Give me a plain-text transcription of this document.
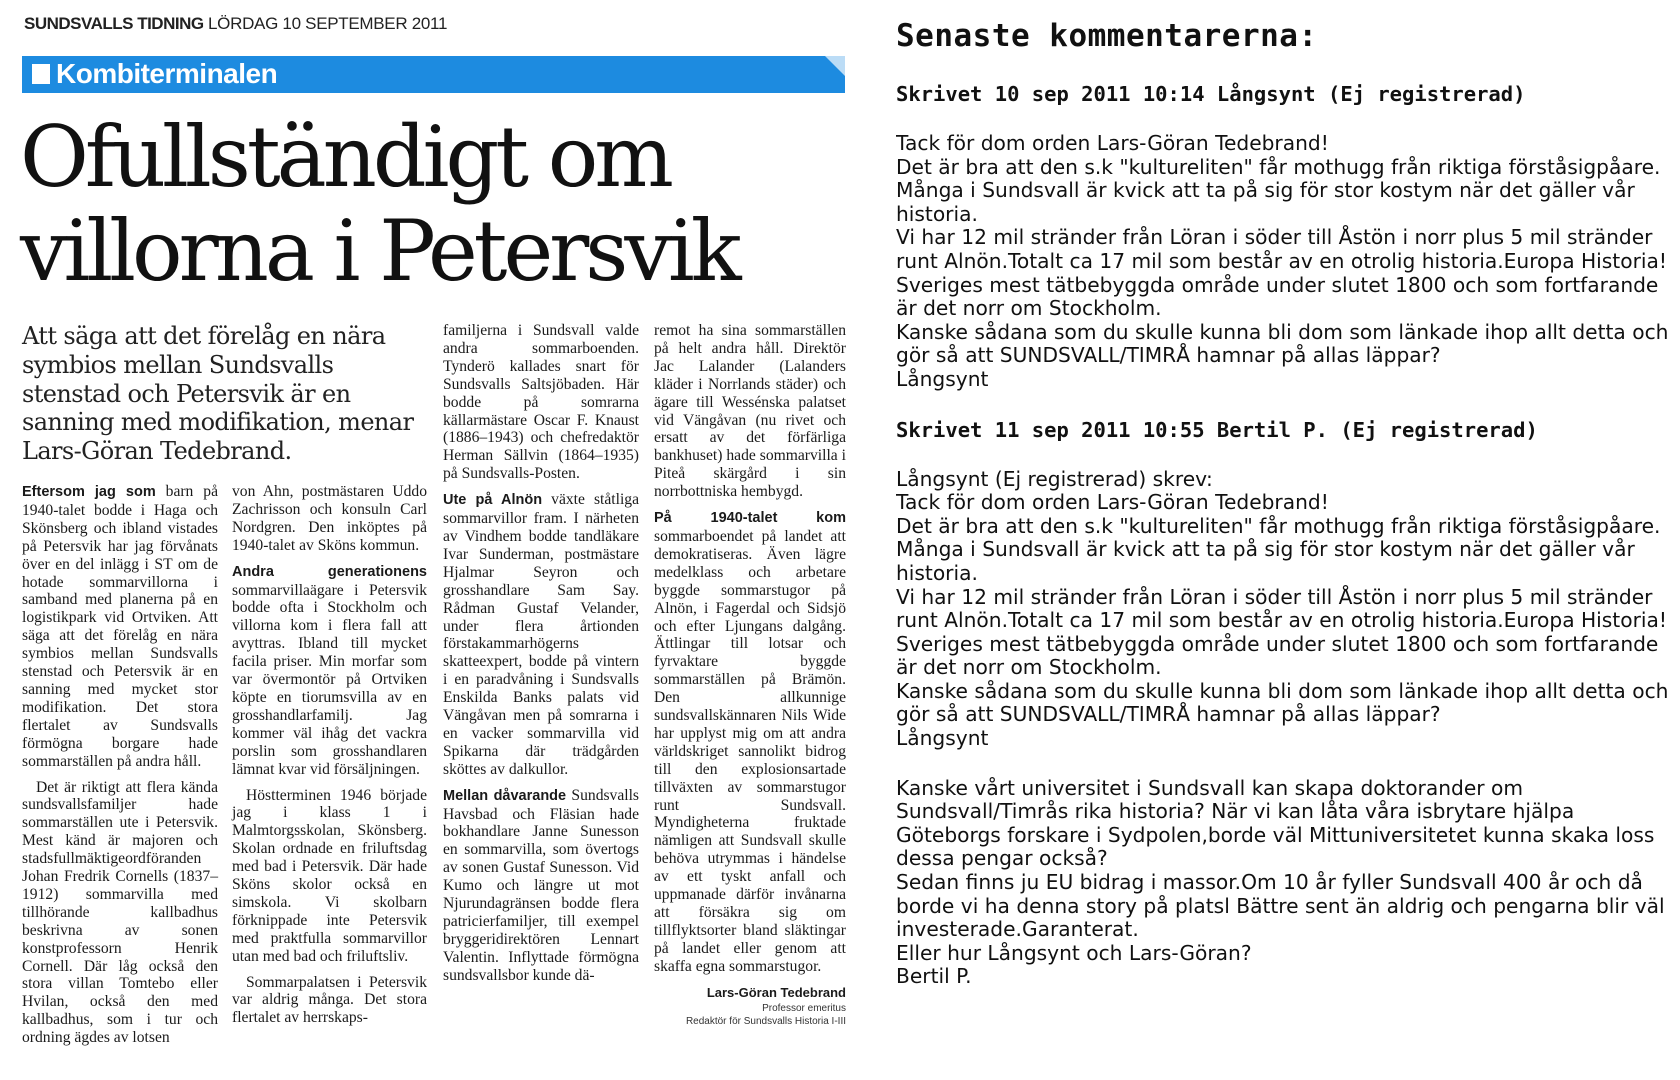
SUNDSVALLS TIDNING LÖRDAG 10 SEPTEMBER 2011
Kombiterminalen
Ofullständigt om villorna i Petersvik
Att säga att det förelåg en nära symbios mellan Sundsvalls stenstad och Petersvik är en sanning med modifikation, menar Lars-Göran Tedebrand.

Eftersom jag som barn på 1940-talet bodde i Haga och Skönsberg och ibland vistades på Petersvik har jag förvånats över en del inlägg i ST om de hotade sommarvillorna i samband med planerna på en logistikpark vid Ortviken. Att säga att det förelåg en nära symbios mellan Sundsvalls stenstad och Petersvik är en sanning med mycket stor modifikation. Det stora flertalet av Sundsvalls förmögna borgare hade sommarställen på andra håll.

Det är riktigt att flera kända sundsvallsfamiljer hade sommarställen ute i Petersvik. Mest känd är majoren och stadsfullmäktigeordföranden Johan Fredrik Cornells (1837–1912) sommarvilla med tillhörande kallbadhus beskrivna av sonen konstprofessorn Henrik Cornell. Där låg också den stora villan Tomtebo eller Hvilan, också den med kallbadhus, som i tur och ordning ägdes av lotsen

von Ahn, postmästaren Uddo Zachrisson och konsuln Carl Nordgren. Den inköptes på 1940-talet av Sköns kommun.

Andra generationens sommarvillaägare i Petersvik bodde ofta i Stockholm och villorna kom i flera fall att avyttras. Ibland till mycket facila priser. Min morfar som var övermontör på Ortviken köpte en tiorumsvilla av en grosshandlarfamilj. Jag kommer väl ihåg det vackra porslin som grosshandlaren lämnat kvar vid försäljningen.

Höstterminen 1946 började jag i klass 1 i Malmtorgsskolan, Skönsberg. Skolan ordnade en friluftsdag med bad i Petersvik. Där hade Sköns skolor också en simskola. Vi skolbarn förknippade inte Petersvik med praktfulla sommarvillor utan med bad och friluftsliv.

Sommarpalatsen i Petersvik var aldrig många. Det stora flertalet av herrskaps-

familjerna i Sundsvall valde andra sommarboenden. Tynderö kallades snart för Sundsvalls Saltsjöbaden. Här bodde på somrarna källarmästare Oscar F. Knaust (1886–1943) och chefredaktör Herman Sällvin (1864–1935) på Sundsvalls-Posten.

Ute på Alnön växte ståtliga sommarvillor fram. I närheten av Vindhem bodde tandläkare Ivar Sunderman, postmästare Hjalmar Seyron och grosshandlare Sam Say. Rådman Gustaf Velander, under flera årtionden förstakammarhögerns skatteexpert, bodde på vintern i en paradvåning i Sundsvalls Enskilda Banks palats vid Vängåvan men på somrarna i en vacker sommarvilla vid Spikarna där trädgården sköttes av dalkullor.

Mellan dåvarande Sundsvalls Havsbad och Fläsian hade bokhandlare Janne Sunesson en sommarvilla, som övertogs av sonen Gustaf Sunesson. Vid Kumo och längre ut mot Njurundagränsen bodde flera patricierfamiljer, till exempel bryggeridirektören Lennart Valentin. Inflyttade förmögna sundsvallsbor kunde dä-

remot ha sina sommarställen på helt andra håll. Direktör Jac Lalander (Lalanders kläder i Norrlands städer) och ägare till Wessénska palatset vid Vängåvan (nu rivet och ersatt av det förfärliga bankhuset) hade sommarvilla i Piteå skärgård i sin norrbottniska hembygd.

På 1940-talet kom sommarboendet på landet att demokratiseras. Även lägre medelklass och arbetare byggde sommarstugor på Alnön, i Fagerdal och Sidsjö och efter Ljungans dalgång. Ättlingar till lotsar och fyrvaktare byggde sommarställen på Brämön. Den allkunnige sundsvallskännaren Nils Wide har upplyst mig om att andra världskriget sannolikt bidrog till den explosionsartade tillväxten av sommarstugor runt Sundsvall. Myndigheterna fruktade nämligen att Sundsvall skulle behöva utrymmas i händelse av ett tyskt anfall och uppmanade därför invånarna att försäkra sig om tillflyktsorter bland släktingar på landet eller genom att skaffa egna sommarstugor.

Lars-Göran Tedebrand
Professor emeritus
Redaktör för Sundsvalls Historia I-III
Senaste kommentarerna:
Skrivet 10 sep 2011 10:14 Långsynt (Ej registrerad)
Tack för dom orden Lars-Göran Tedebrand!
Det är bra att den s.k "kultureliten" får mothugg från riktiga förståsigpåare.
Många i Sundsvall är kvick att ta på sig för stor kostym när det gäller vår historia.
Vi har 12 mil stränder från Löran i söder till Åstön i norr plus 5 mil stränder runt Alnön.Totalt ca 17 mil som består av en otrolig historia.Europa Historia!
Sveriges mest tätbebyggda område under slutet 1800 och som fortfarande är det norr om Stockholm.
Kanske sådana som du skulle kunna bli dom som länkade ihop allt detta och gör så att SUNDSVALL/TIMRÅ hamnar på allas läppar?
Långsynt
Skrivet 11 sep 2011 10:55 Bertil P. (Ej registrerad)
Långsynt (Ej registrerad) skrev:
Tack för dom orden Lars-Göran Tedebrand!
Det är bra att den s.k "kultureliten" får mothugg från riktiga förståsigpåare.
Många i Sundsvall är kvick att ta på sig för stor kostym när det gäller vår historia.
Vi har 12 mil stränder från Löran i söder till Åstön i norr plus 5 mil stränder runt Alnön.Totalt ca 17 mil som består av en otrolig historia.Europa Historia!
Sveriges mest tätbebyggda område under slutet 1800 och som fortfarande är det norr om Stockholm.
Kanske sådana som du skulle kunna bli dom som länkade ihop allt detta och gör så att SUNDSVALL/TIMRÅ hamnar på allas läppar?
Långsynt
Kanske vårt universitet i Sundsvall kan skapa doktorander om Sundsvall/Timrås rika historia? När vi kan låta våra isbrytare hjälpa Göteborgs forskare i Sydpolen,borde väl Mittuniversitetet kunna skaka loss dessa pengar också?
Sedan finns ju EU bidrag i massor.Om 10 år fyller Sundsvall 400 år och då borde vi ha denna story på platsl Bättre sent än aldrig och pengarna blir väl investerade.Garanterat.
Eller hur Långsynt och Lars-Göran?
Bertil P.
